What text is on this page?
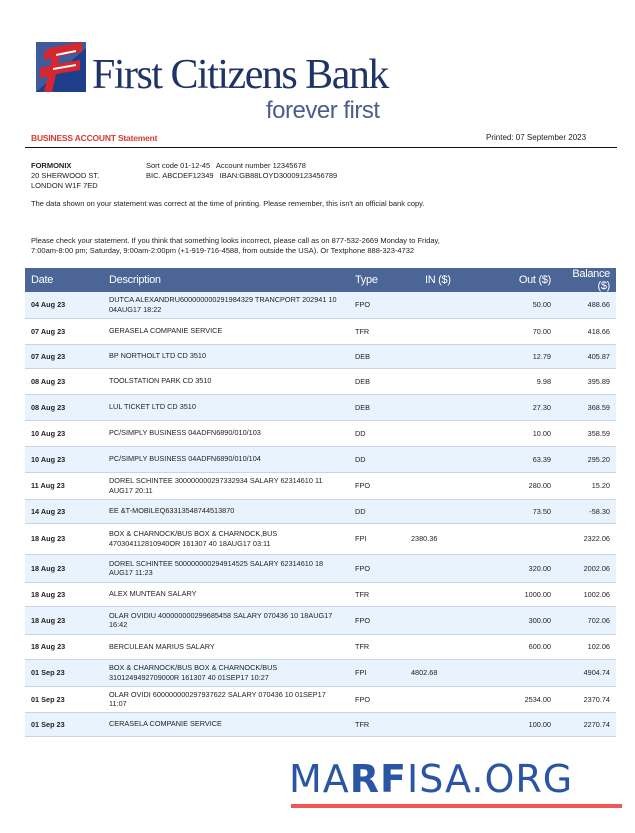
First Citizens Bank
forever first
BUSINESS ACCOUNT Statement	Printed: 07 September 2023
FORMONIX
20 SHERWOOD ST.
LONDON W1F 7ED
Sort code 01-12-45 Account number 12345678
BIC. ABCDEF12349 IBAN:GB88LOYD30009123456789
The data shown on your statement was correct at the time of printing. Please remember, this isn't an official bank copy.
Please check your statement. If you think that something looks incorrect, please call as on 877-532-2669 Monday to Friday, 7:00am-8:00 pm; Saturday, 9:00am-2:00pm (+1-919-716-4588, from outside the USA). Or Textphone 888-323-4732
Date	Description	Type	IN ($)	Out ($)	Balance ($)
04 Aug 23	DUTCA ALEXANDRU600000000291984329 TRANCPORT 202941 10 04AUG17 18:22	FPO		50.00	488.66
07 Aug 23	GERASELA COMPANIE SERVICE	TFR		70.00	418.66
07 Aug 23	BP NORTHOLT LTD CD 3510	DEB		12.79	405.87
08 Aug 23	TOOLSTATION PARK CD 3510	DEB		9.98	395.89
08 Aug 23	LUL TICKET LTD CD 3510	DEB		27.30	368.59
10 Aug 23	PC/SIMPLY BUSINESS 04ADFN6890/010/103	DD		10.00	358.59
10 Aug 23	PC/SIMPLY BUSINESS 04ADFN6890/010/104	DD		63.39	295.20
11 Aug 23	DOREL SCHINTEE 300000000297332934 SALARY 62314610 11 AUG17 20:11	FPO		280.00	15.20
14 Aug 23	EE &T-MOBILEQ63313548744513870	DD		73.50	-58.30
18 Aug 23	BOX & CHARNOCK/BUS BOX & CHARNOCK,BUS 470304112810940OR 161307 40 18AUG17 03:11	FPI	2380.36		2322.06
18 Aug 23	DOREL SCHINTEE 500000000294914525 SALARY 62314610 18 AUG17 11:23	FPO		320.00	2002.06
18 Aug 23	ALEX MUNTEAN SALARY	TFR		1000.00	1002.06
18 Aug 23	OLAR OVIDIU 400000000299685458 SALARY 070436 10 18AUG17 16:42	FPO		300.00	702.06
18 Aug 23	BERCULEAN MARIUS SALARY	TFR		600.00	102.06
01 Sep 23	BOX & CHARNOCK/BUS BOX & CHARNOCK/BUS 3101249492709000R 161307 40 01SEP17 10:27	FPI	4802.68		4904.74
01 Sep 23	OLAR OVIDI 600000000297937622 SALARY 070436 10 01SEP17 11:07	FPO		2534.00	2370.74
01 Sep 23	CERASELA COMPANIE SERVICE	TFR		100.00	2270.74
MARFISA.ORG
